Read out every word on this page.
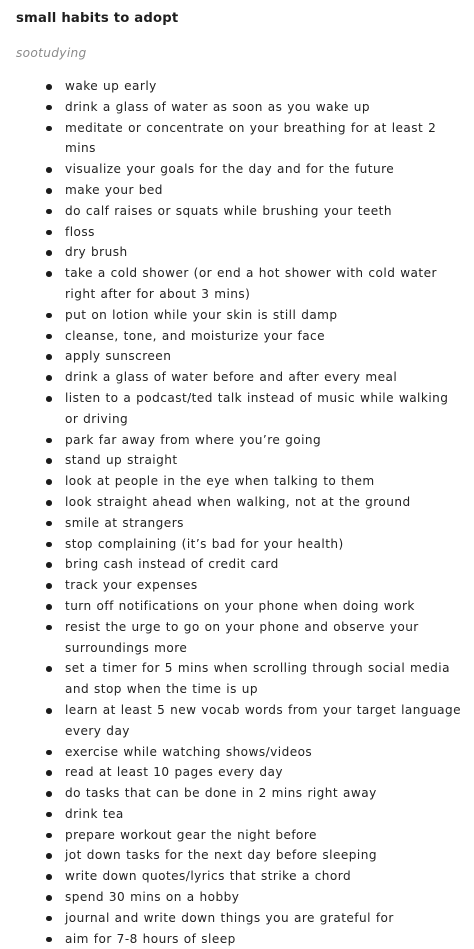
small habits to adopt
sootudying
wake up early
drink a glass of water as soon as you wake up
meditate or concentrate on your breathing for at least 2 mins
visualize your goals for the day and for the future
make your bed
do calf raises or squats while brushing your teeth
floss
dry brush
take a cold shower (or end a hot shower with cold water right after for about 3 mins)
put on lotion while your skin is still damp
cleanse, tone, and moisturize your face
apply sunscreen
drink a glass of water before and after every meal
listen to a podcast/ted talk instead of music while walking or driving
park far away from where you’re going
stand up straight
look at people in the eye when talking to them
look straight ahead when walking, not at the ground
smile at strangers
stop complaining (it’s bad for your health)
bring cash instead of credit card
track your expenses
turn off notifications on your phone when doing work
resist the urge to go on your phone and observe your surroundings more
set a timer for 5 mins when scrolling through social media and stop when the time is up
learn at least 5 new vocab words from your target language every day
exercise while watching shows/videos
read at least 10 pages every day
do tasks that can be done in 2 mins right away
drink tea
prepare workout gear the night before
jot down tasks for the next day before sleeping
write down quotes/lyrics that strike a chord
spend 30 mins on a hobby
journal and write down things you are grateful for
aim for 7-8 hours of sleep
